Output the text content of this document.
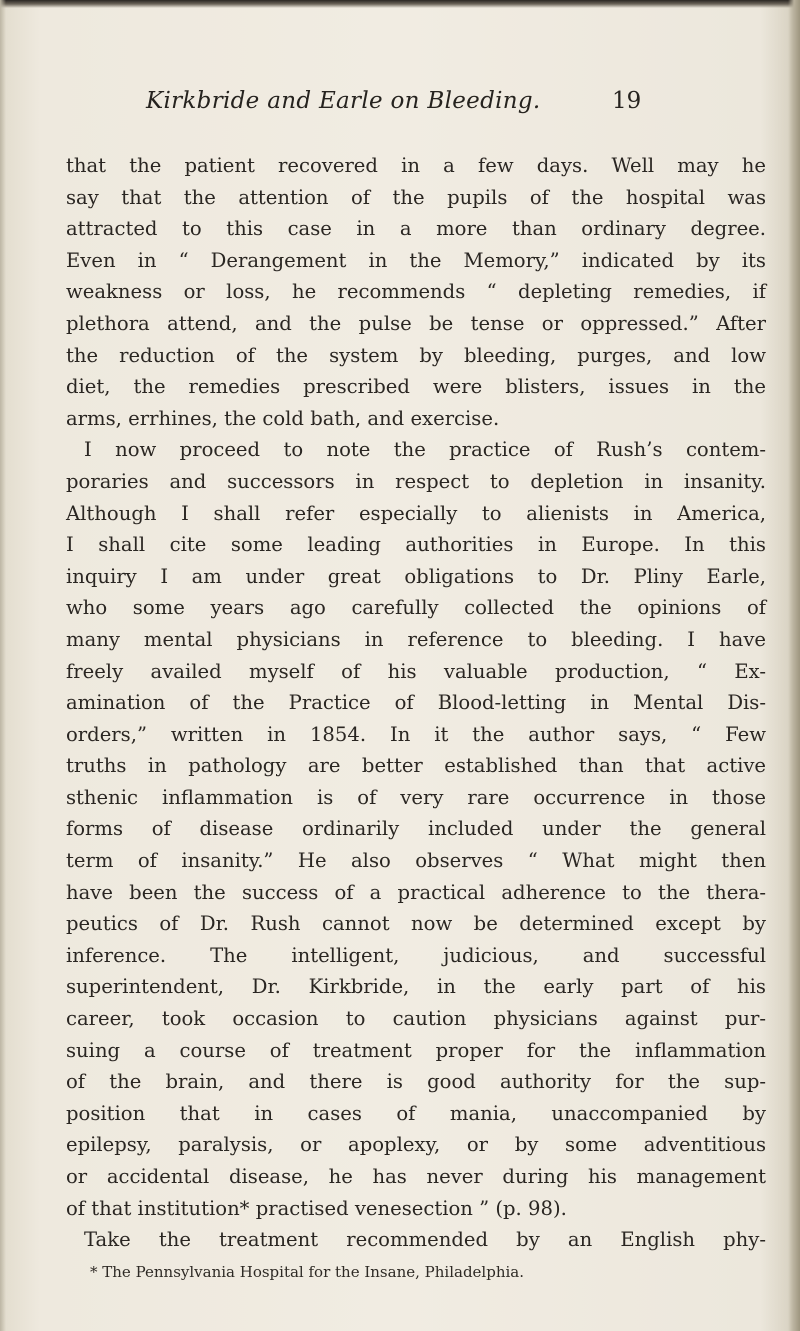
Kirkbride and Earle on Bleeding.	19
that the patient recovered in a few days. Well may he
say that the attention of the pupils of the hospital was
attracted to this case in a more than ordinary degree.
Even in “ Derangement in the Memory,” indicated by its
weakness or loss, he recommends “ depleting remedies, if
plethora attend, and the pulse be tense or oppressed.” After
the reduction of the system by bleeding, purges, and low
diet, the remedies prescribed were blisters, issues in the
arms, errhines, the cold bath, and exercise.
I now proceed to note the practice of Rush’s contem-
poraries and successors in respect to depletion in insanity.
Although I shall refer especially to alienists in America,
I shall cite some leading authorities in Europe. In this
inquiry I am under great obligations to Dr. Pliny Earle,
who some years ago carefully collected the opinions of
many mental physicians in reference to bleeding. I have
freely availed myself of his valuable production, “ Ex-
amination of the Practice of Blood-letting in Mental Dis-
orders,” written in 1854. In it the author says, “ Few
truths in pathology are better established than that active
sthenic inflammation is of very rare occurrence in those
forms of disease ordinarily included under the general
term of insanity.” He also observes “ What might then
have been the success of a practical adherence to the thera-
peutics of Dr. Rush cannot now be determined except by
inference. The intelligent, judicious, and successful
superintendent, Dr. Kirkbride, in the early part of his
career, took occasion to caution physicians against pur-
suing a course of treatment proper for the inflammation
of the brain, and there is good authority for the sup-
position that in cases of mania, unaccompanied by
epilepsy, paralysis, or apoplexy, or by some adventitious
or accidental disease, he has never during his management
of that institution* practised venesection ” (p. 98).
Take the treatment recommended by an English phy-
* The Pennsylvania Hospital for the Insane, Philadelphia.
